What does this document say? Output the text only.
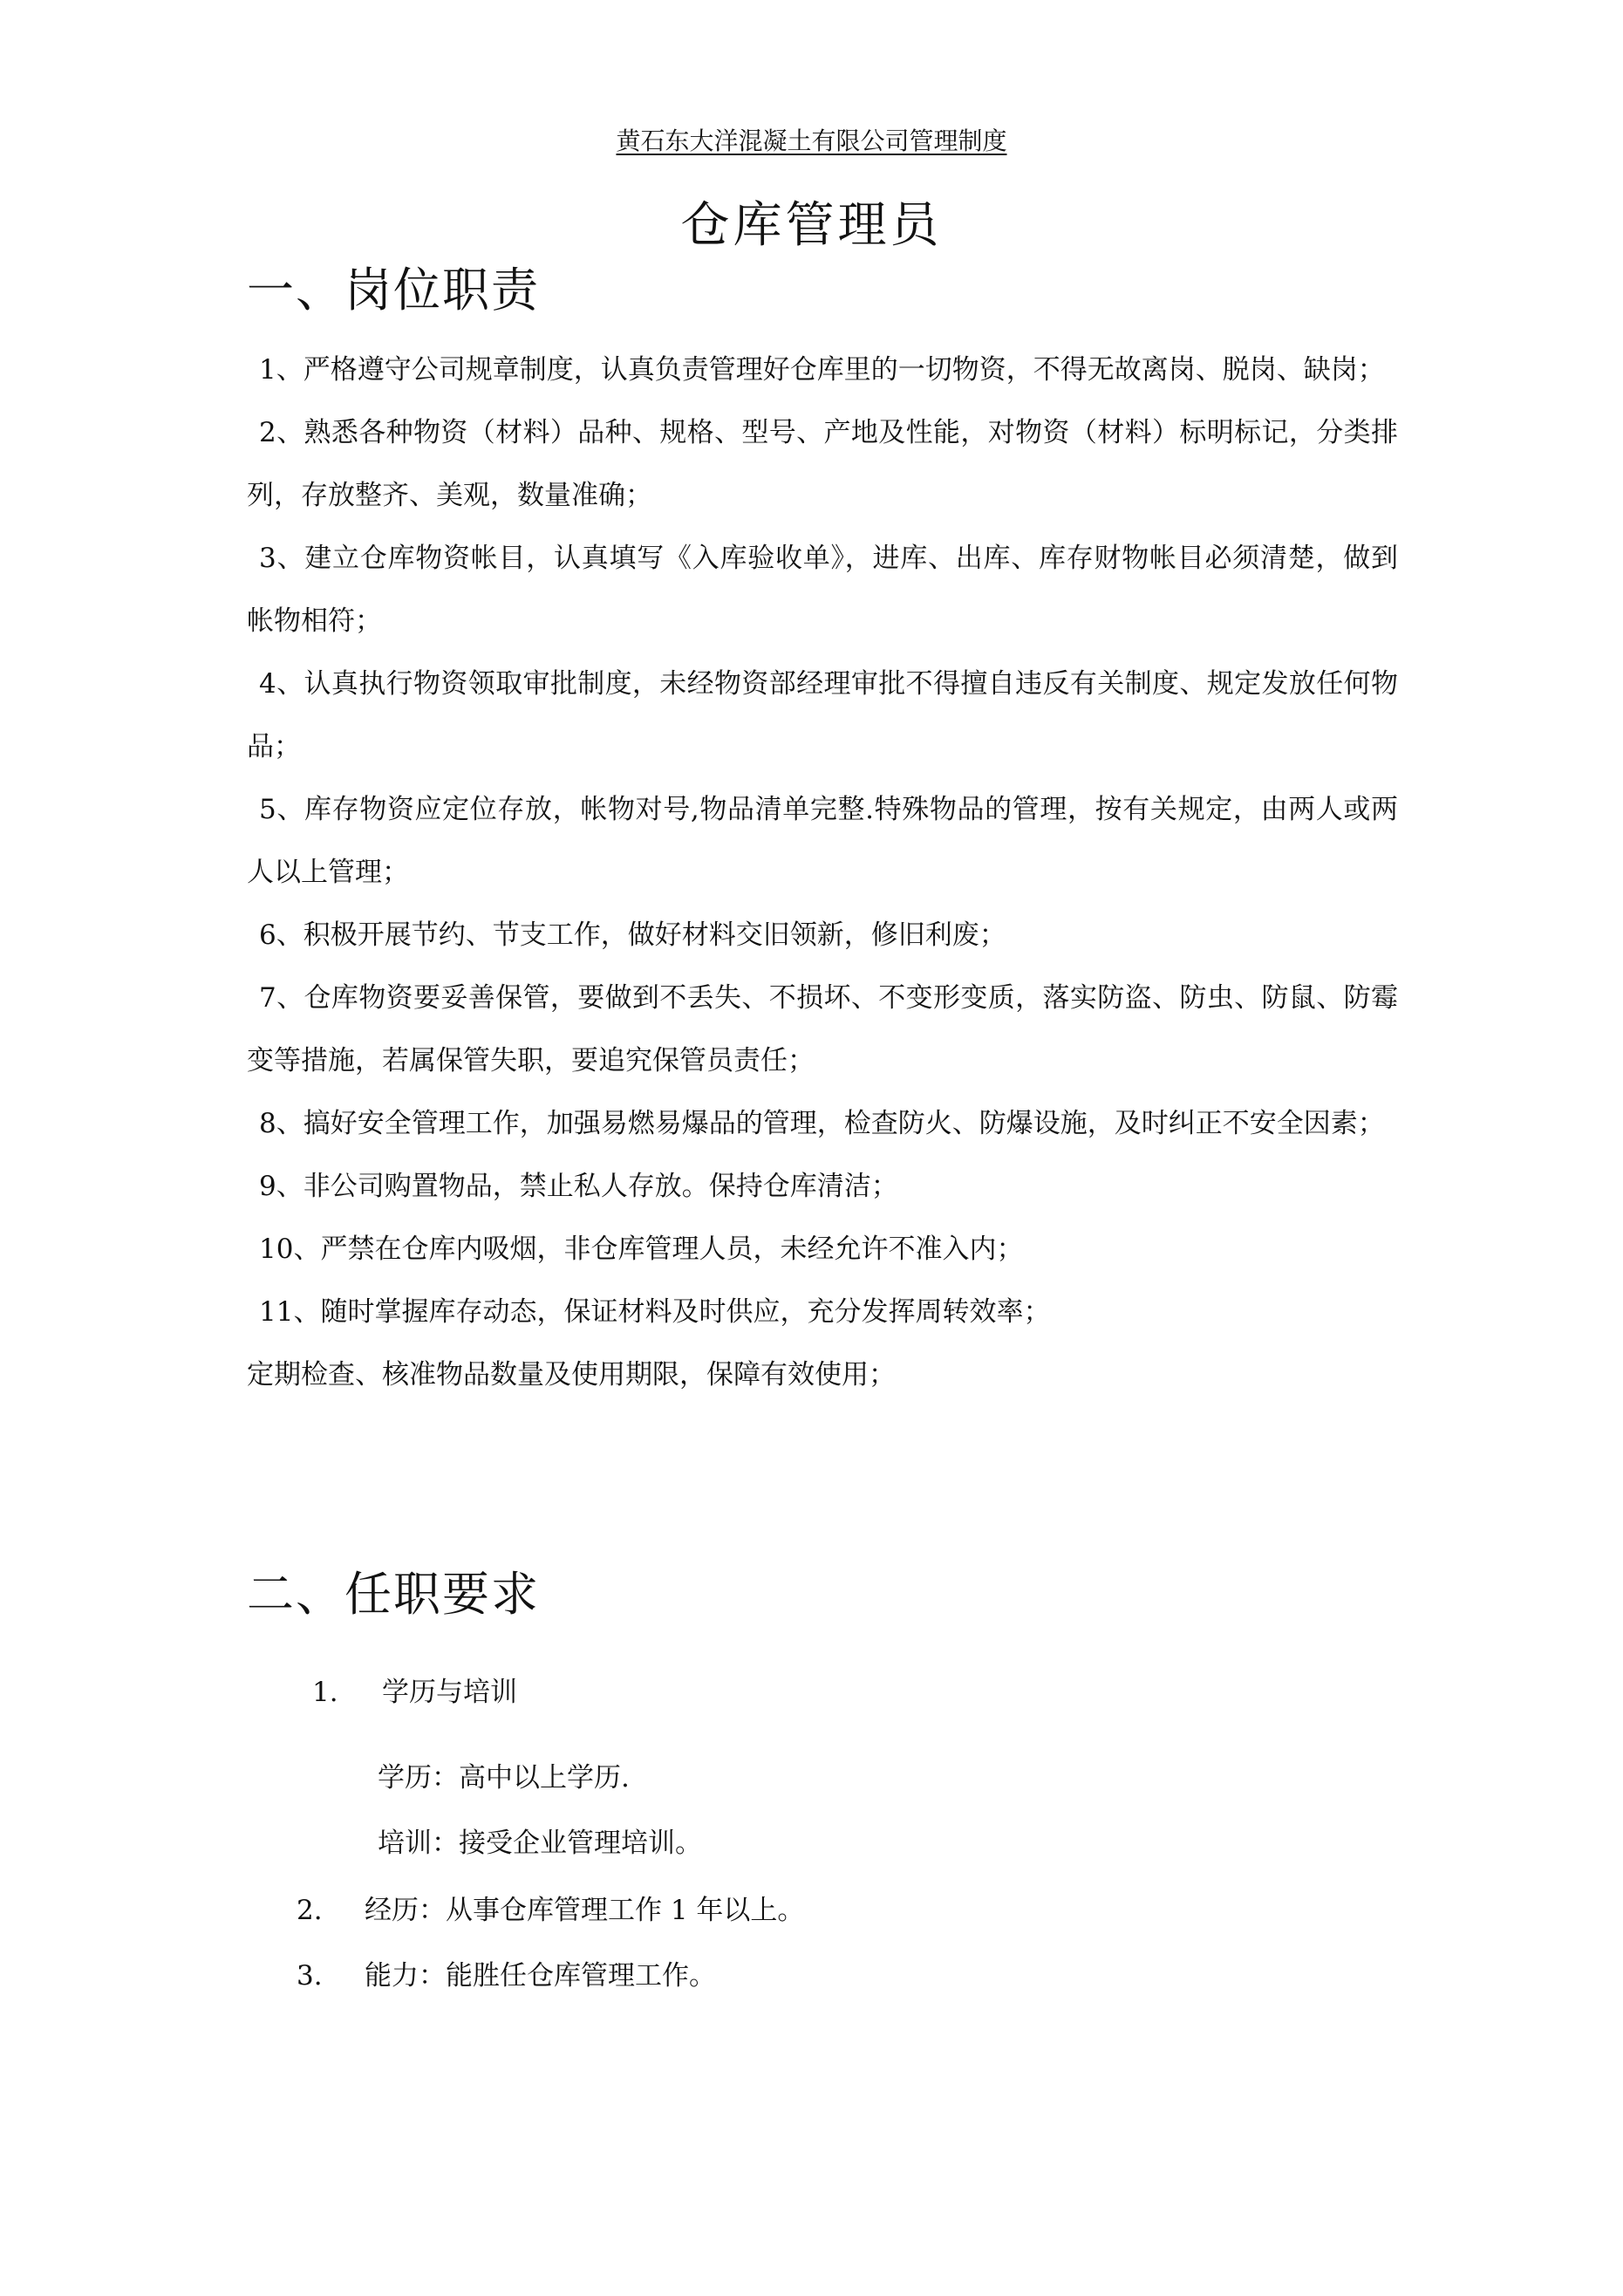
黄石东大洋混凝土有限公司管理制度
仓库管理员
一、岗位职责

1、严格遵守公司规章制度，认真负责管理好仓库里的一切物资，不得无故离岗、脱岗、缺岗；

2、熟悉各种物资（材料）品种、规格、型号、产地及性能，对物资（材料）标明标记，分类排列，存放整齐、美观，数量准确；

3、建立仓库物资帐目，认真填写《入库验收单》，进库、出库、库存财物帐目必须清楚，做到帐物相符；

4、认真执行物资领取审批制度，未经物资部经理审批不得擅自违反有关制度、规定发放任何物品；

5、库存物资应定位存放，帐物对号,物品清单完整.特殊物品的管理，按有关规定，由两人或两人以上管理；

6、积极开展节约、节支工作，做好材料交旧领新，修旧利废；

7、仓库物资要妥善保管，要做到不丢失、不损坏、不变形变质，落实防盗、防虫、防鼠、防霉变等措施，若属保管失职，要追究保管员责任；

8、搞好安全管理工作，加强易燃易爆品的管理，检查防火、防爆设施，及时纠正不安全因素；

9、非公司购置物品，禁止私人存放。保持仓库清洁；

10、严禁在仓库内吸烟，非仓库管理人员，未经允许不准入内；

11、随时掌握库存动态，保证材料及时供应，充分发挥周转效率；

定期检查、核准物品数量及使用期限，保障有效使用；

二、任职要求
1. 学历与培训
学历：高中以上学历.
培训：接受企业管理培训。
2. 经历：从事仓库管理工作 1 年以上。
3. 能力：能胜任仓库管理工作。
